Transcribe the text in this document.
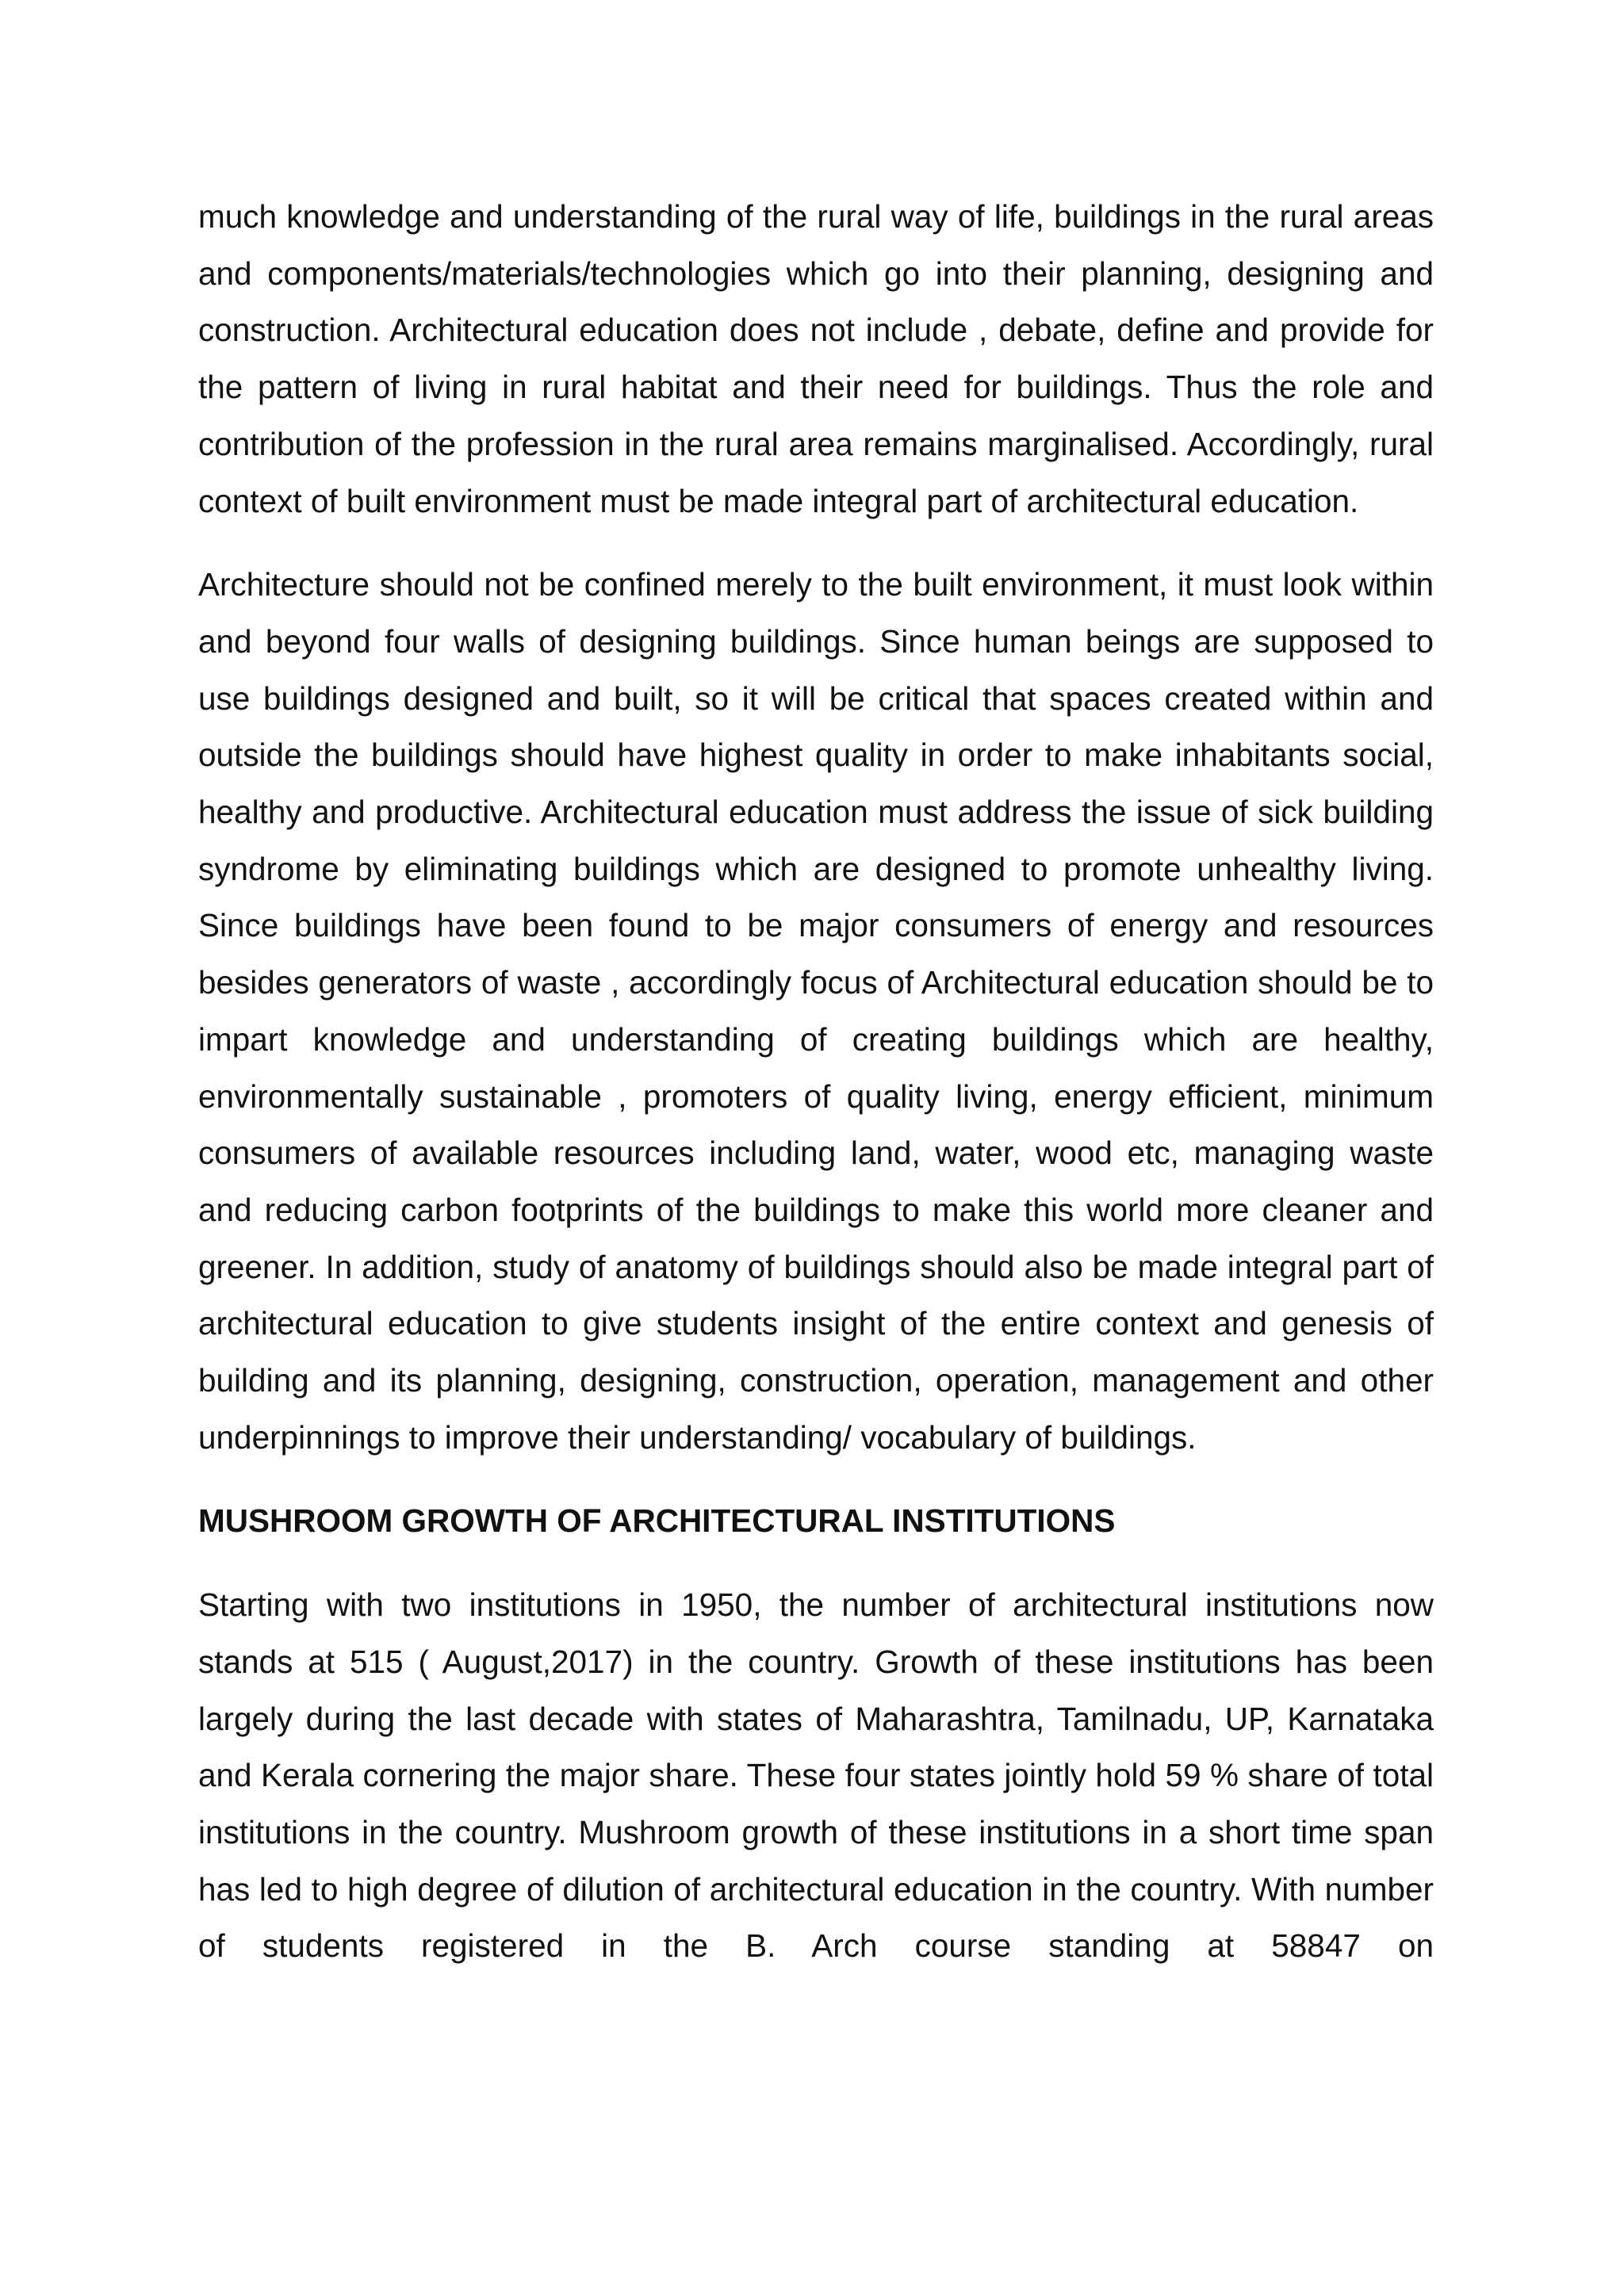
much knowledge and understanding of the rural way of life, buildings in the rural areas and components/materials/technologies which go into their planning, designing and construction. Architectural education does not include , debate, define and provide for the pattern of living in rural habitat and their need for buildings. Thus the role and contribution of the profession in the rural area remains marginalised. Accordingly, rural context of built environment must be made integral part of architectural education.

Architecture should not be confined merely to the built environment, it must look within and beyond four walls of designing buildings. Since human beings are supposed to use buildings designed and built, so it will be critical that spaces created within and outside the buildings should have highest quality in order to make inhabitants social, healthy and productive. Architectural education must address the issue of sick building syndrome by eliminating buildings which are designed to promote unhealthy living. Since buildings have been found to be major consumers of energy and resources besides generators of waste , accordingly focus of Architectural education should be to impart knowledge and understanding of creating buildings which are healthy, environmentally sustainable , promoters of quality living, energy efficient, minimum consumers of available resources including land, water, wood etc, managing waste and reducing carbon footprints of the buildings to make this world more cleaner and greener. In addition, study of anatomy of buildings should also be made integral part of architectural education to give students insight of the entire context and genesis of building and its planning, designing, construction, operation, management and other underpinnings to improve their understanding/ vocabulary of buildings.

MUSHROOM GROWTH OF ARCHITECTURAL INSTITUTIONS

Starting with two institutions in 1950, the number of architectural institutions now stands at 515 ( August,2017) in the country. Growth of these institutions has been largely during the last decade with states of Maharashtra, Tamilnadu, UP, Karnataka and Kerala cornering the major share. These four states jointly hold 59 % share of total institutions in the country. Mushroom growth of these institutions in a short time span has led to high degree of dilution of architectural education in the country. With number of students registered in the B. Arch course standing at 58847 on
